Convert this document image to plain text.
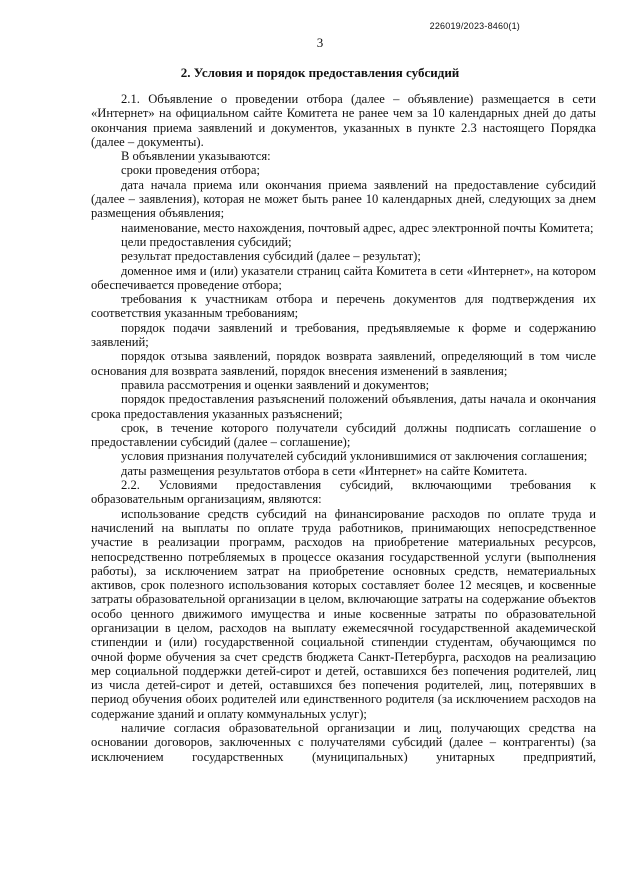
226019/2023-8460(1)
3
2. Условия и порядок предоставления субсидий

2.1. Объявление о проведении отбора (далее – объявление) размещается в сети «Интернет» на официальном сайте Комитета не ранее чем за 10 календарных дней до даты окончания приема заявлений и документов, указанных в пункте 2.3 настоящего Порядка (далее – документы).

В объявлении указываются:

сроки проведения отбора;

дата начала приема или окончания приема заявлений на предоставление субсидий (далее – заявления), которая не может быть ранее 10 календарных дней, следующих за днем размещения объявления;

наименование, место нахождения, почтовый адрес, адрес электронной почты Комитета;

цели предоставления субсидий;

результат предоставления субсидий (далее – результат);

доменное имя и (или) указатели страниц сайта Комитета в сети «Интернет», на котором обеспечивается проведение отбора;

требования к участникам отбора и перечень документов для подтверждения их соответствия указанным требованиям;

порядок подачи заявлений и требования, предъявляемые к форме и содержанию заявлений;

порядок отзыва заявлений, порядок возврата заявлений, определяющий в том числе основания для возврата заявлений, порядок внесения изменений в заявления;

правила рассмотрения и оценки заявлений и документов;

порядок предоставления разъяснений положений объявления, даты начала и окончания срока предоставления указанных разъяснений;

срок, в течение которого получатели субсидий должны подписать соглашение о предоставлении субсидий (далее – соглашение);

условия признания получателей субсидий уклонившимися от заключения соглашения;

даты размещения результатов отбора в сети «Интернет» на сайте Комитета.

2.2. Условиями предоставления субсидий, включающими требования к образовательным организациям, являются:

использование средств субсидий на финансирование расходов по оплате труда и начислений на выплаты по оплате труда работников, принимающих непосредственное участие в реализации программ, расходов на приобретение материальных ресурсов, непосредственно потребляемых в процессе оказания государственной услуги (выполнения работы), за исключением затрат на приобретение основных средств, нематериальных активов, срок полезного использования которых составляет более 12 месяцев, и косвенные затраты образовательной организации в целом, включающие затраты на содержание объектов особо ценного движимого имущества и иные косвенные затраты по образовательной организации в целом, расходов на выплату ежемесячной государственной академической стипендии и (или) государственной социальной стипендии студентам, обучающимся по очной форме обучения за счет средств бюджета Санкт-Петербурга, расходов на реализацию мер социальной поддержки детей-сирот и детей, оставшихся без попечения родителей, лиц из числа детей-сирот и детей, оставшихся без попечения родителей, лиц, потерявших в период обучения обоих родителей или единственного родителя (за исключением расходов на содержание зданий и оплату коммунальных услуг);

наличие согласия образовательной организации и лиц, получающих средства на основании договоров, заключенных с получателями субсидий (далее – контрагенты) (за исключением государственных (муниципальных) унитарных предприятий,
